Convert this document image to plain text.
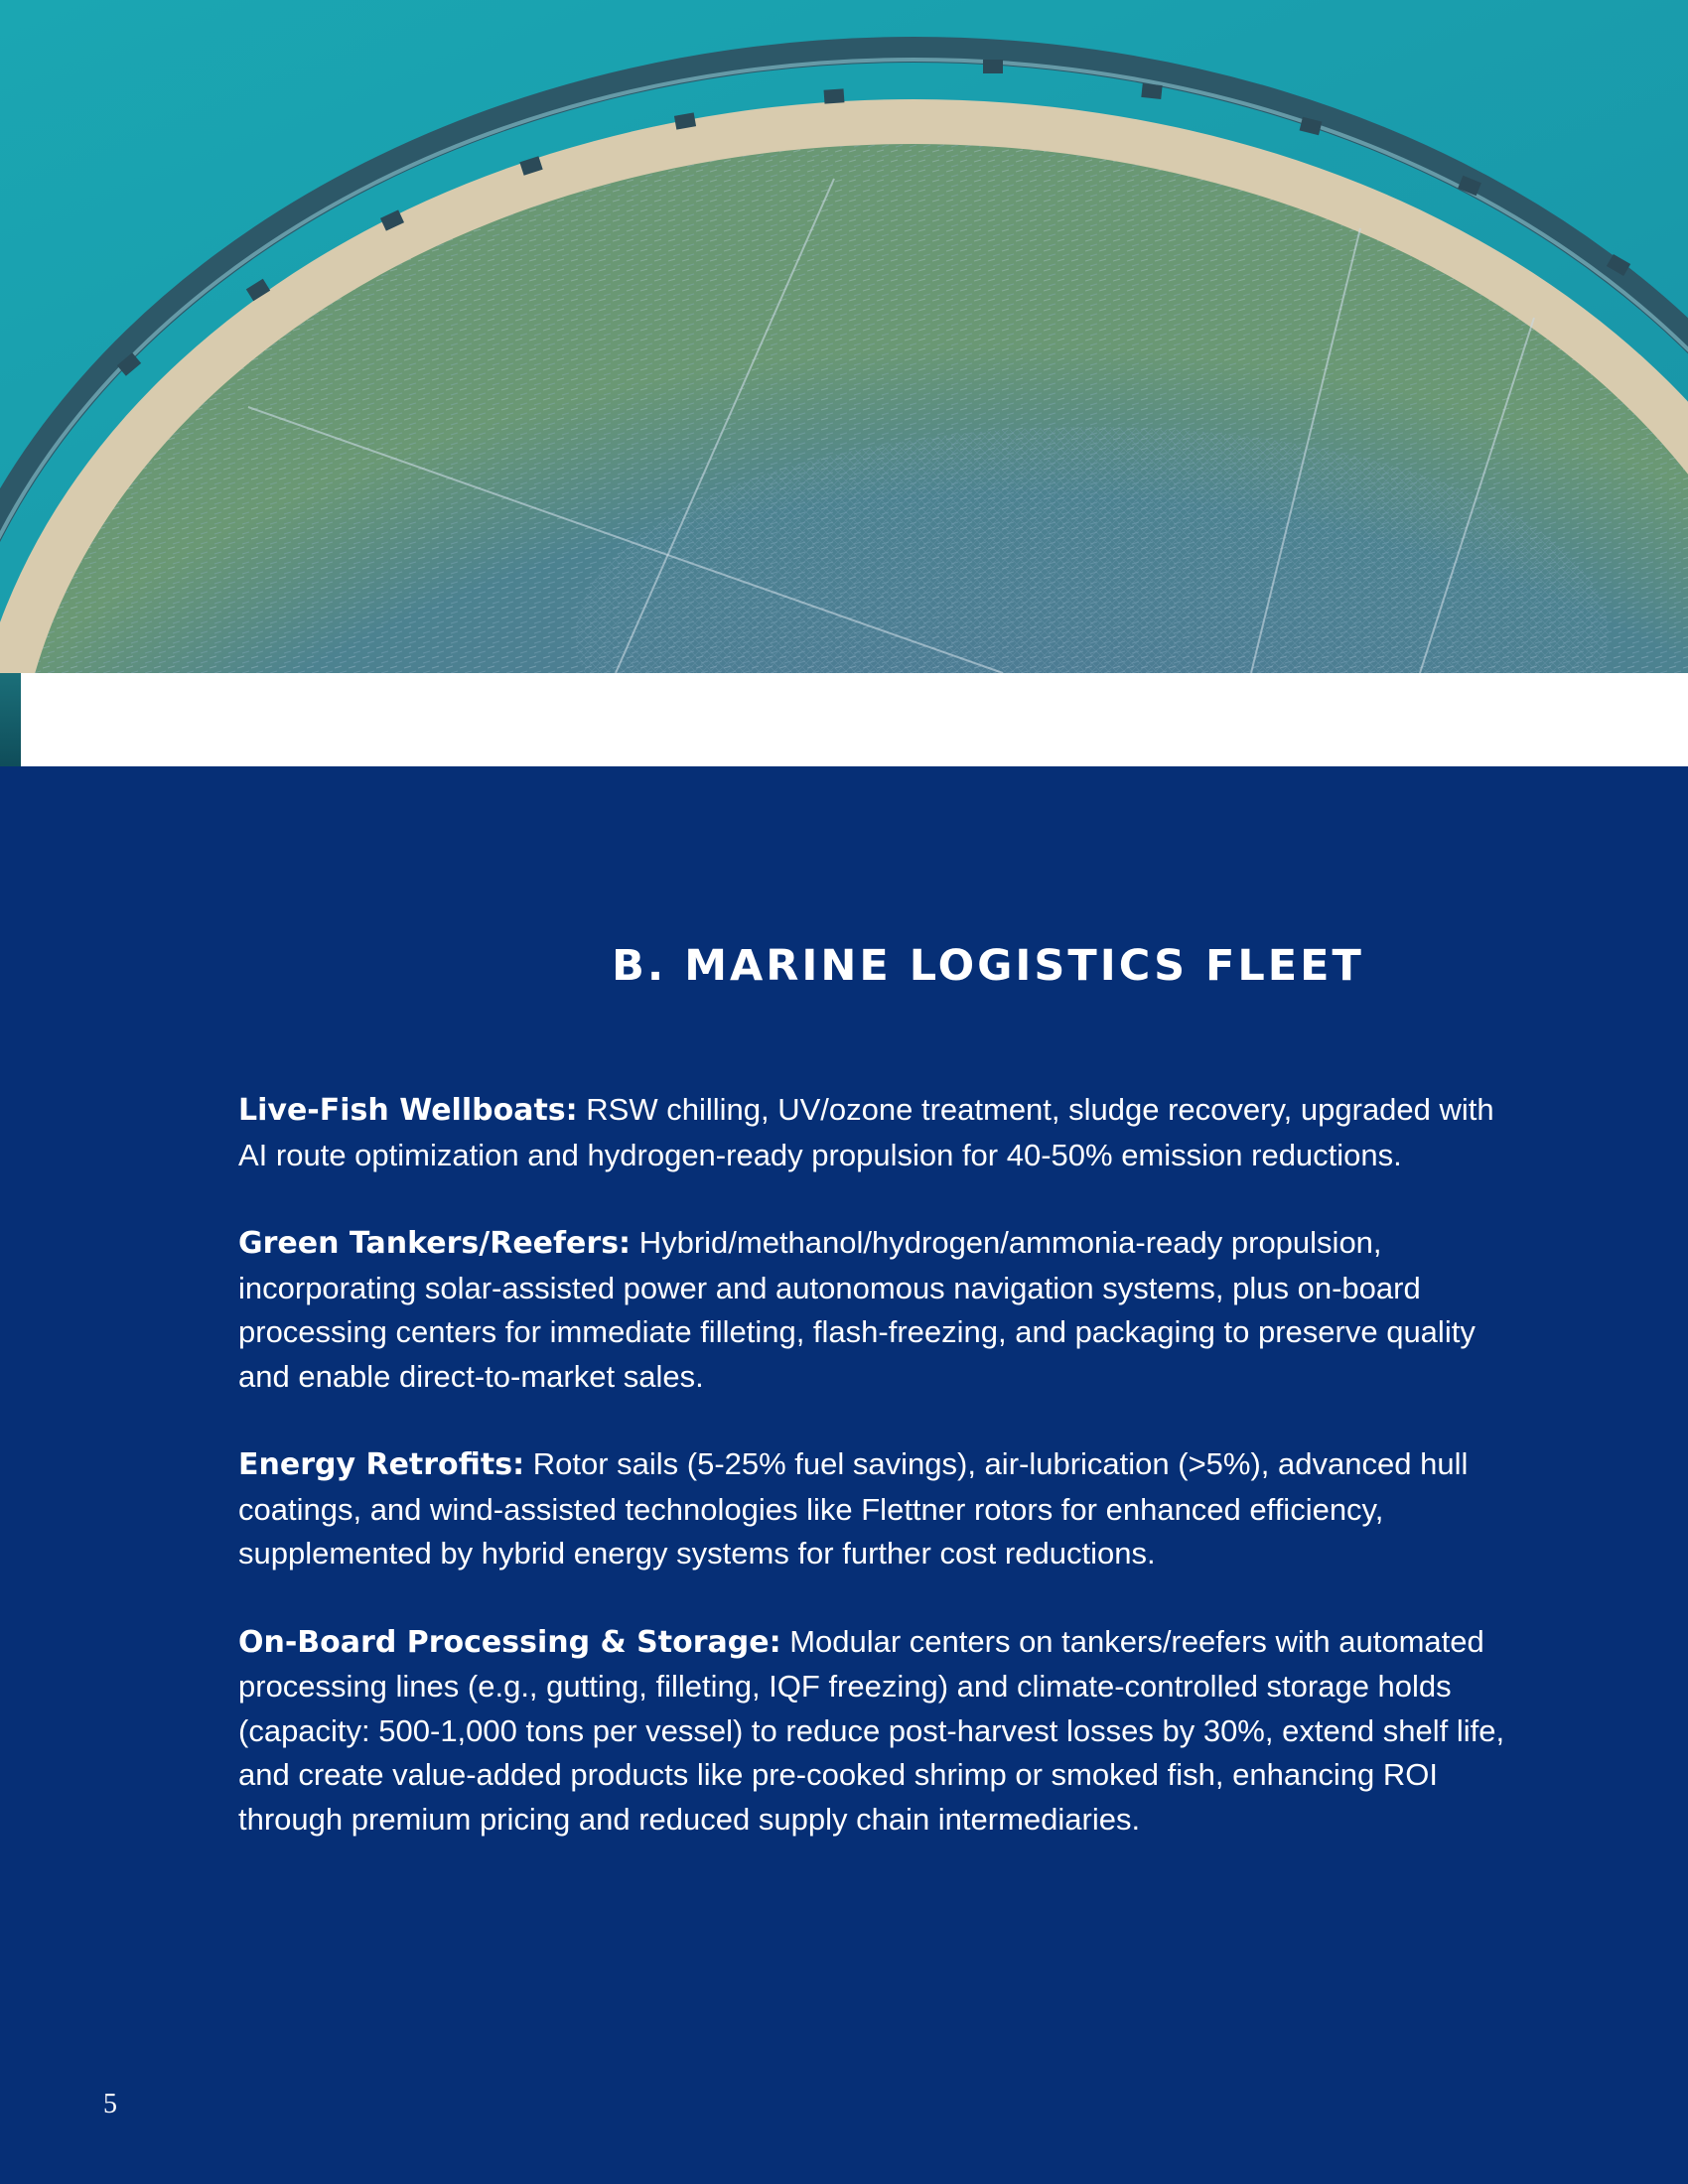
B. MARINE LOGISTICS FLEET

Live-Fish Wellboats: RSW chilling, UV/ozone treatment, sludge recovery, upgraded with AI route optimization and hydrogen-ready propulsion for 40-50% emission reductions.

Green Tankers/Reefers: Hybrid/methanol/hydrogen/ammonia-ready propulsion, incorporating solar-assisted power and autonomous navigation systems, plus on-board processing centers for immediate filleting, flash-freezing, and packaging to preserve quality and enable direct-to-market sales.

Energy Retrofits: Rotor sails (5-25% fuel savings), air-lubrication (>5%), advanced hull coatings, and wind-assisted technologies like Flettner rotors for enhanced efficiency, supplemented by hybrid energy systems for further cost reductions.

On-Board Processing & Storage: Modular centers on tankers/reefers with automated processing lines (e.g., gutting, filleting, IQF freezing) and climate-controlled storage holds (capacity: 500-1,000 tons per vessel) to reduce post-harvest losses by 30%, extend shelf life, and create value-added products like pre-cooked shrimp or smoked fish, enhancing ROI through premium pricing and reduced supply chain intermediaries.

5
